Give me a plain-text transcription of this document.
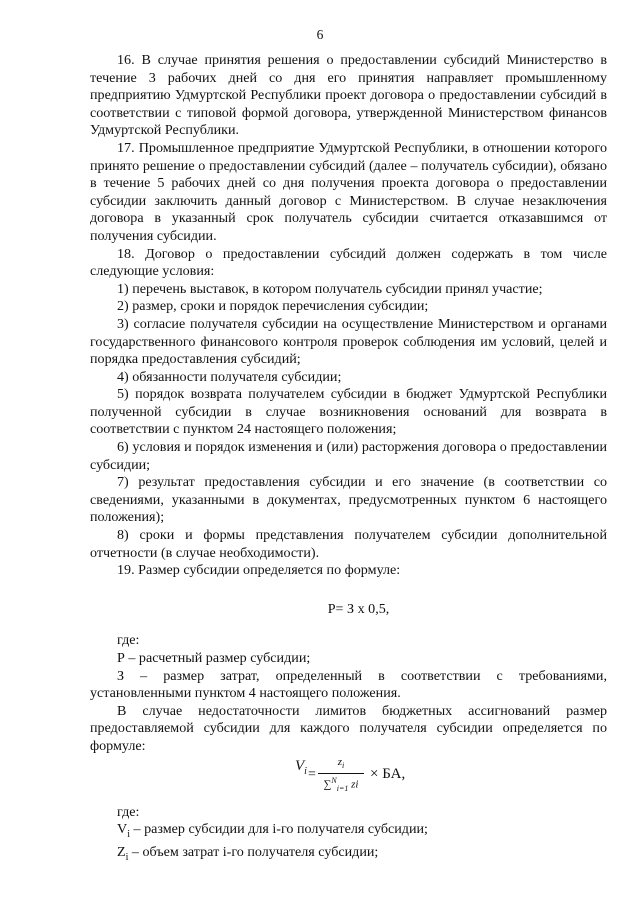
6

16. В случае принятия решения о предоставлении субсидий Министерство в течение 3 рабочих дней со дня его принятия направляет промышленному предприятию Удмуртской Республики проект договора о предоставлении субсидий в соответствии с типовой формой договора, утвержденной Министерством финансов Удмуртской Республики.

17. Промышленное предприятие Удмуртской Республики, в отношении которого принято решение о предоставлении субсидий (далее – получатель субсидии), обязано в течение 5 рабочих дней со дня получения проекта договора о предоставлении субсидии заключить данный договор с Министерством. В случае незаключения договора в указанный срок получатель субсидии считается отказавшимся от получения субсидии.

18. Договор о предоставлении субсидий должен содержать в том числе следующие условия:

1) перечень выставок, в котором получатель субсидии принял участие;

2) размер, сроки и порядок перечисления субсидии;

3) согласие получателя субсидии на осуществление Министерством и органами государственного финансового контроля проверок соблюдения им условий, целей и порядка предоставления субсидий;

4) обязанности получателя субсидии;

5) порядок возврата получателем субсидии в бюджет Удмуртской Республики полученной субсидии в случае возникновения оснований для возврата в соответствии с пунктом 24 настоящего положения;

6) условия и порядок изменения и (или) расторжения договора о предоставлении субсидии;

7) результат предоставления субсидии и его значение (в соответствии со сведениями, указанными в документах, предусмотренных пунктом 6 настоящего положения);

8) сроки и формы представления получателем субсидии дополнительной отчетности (в случае необходимости).

19. Размер субсидии определяется по формуле:

Р= З х 0,5,

где:

Р – расчетный размер субсидии;

З – размер затрат, определенный в соответствии с требованиями, установленными пунктом 4 настоящего положения.

В случае недостаточности лимитов бюджетных ассигнований размер предоставляемой субсидии для каждого получателя субсидии определяется по формуле:

$V_i = \frac{z_i}{\sum^N_{i=1} zi}$ × БА,

где:

$V_i$ – размер субсидии для i-го получателя субсидии;

$Z_i$ – объем затрат i-го получателя субсидии;
